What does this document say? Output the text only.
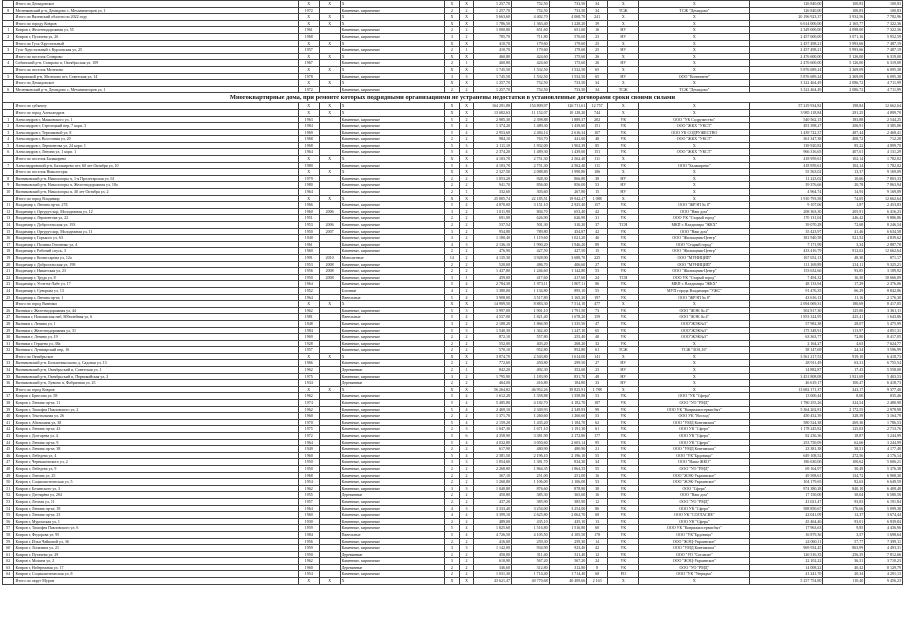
	Итого по Демидовское	X	X	X	X	X	1 257,70	752,50	733,50	34	X	X	126 840,00	100,83	100,83
8	Меленковский р-н, Демидово с, Механизаторов ул, 1	1972		Каменные, кирпичные	2	2	1 257,70	752,50	733,50	34	ТСЖ	ТСЖ "Демидово"	126 840,00	100,83	100,83
	Итого по Вяземский области по 2022 году	X	X	X	X	X	5 663,60	4 402,70	4 068,70	241	X	X	20 196 923,37	3 932,56	7 782,96
	Итого по городу Ковров	X	X	X	X	X	1 786,50	1 363,40	1 228,20	39	X	X	6 614 000,00	2 165,77	7 322,36
1	Ковров г, Железнодорожная ул, 55	1961		Каменные, кирпичные	2	2	1 000,80	651,60	651,60	16	НУ	X	2 349 000,00	4 098,00	7 322,36
2	Ковров г, Пугачева ул, 26	1968		Каменные, кирпичные	3	2	785,70	711,80	576,60	23	НУ	X	2 457 600,00	3 071,16	5 952,59
	Итого по Гусь-Хрустальный	X	X	X	X	X	410,70	179,60	179,60	25	X	X	2 457 498,21	5 993,66	7 487,19
3	Гусь-Хрустальный г, Курловская ул, 25	1957		Каменные, кирпичные	2	1	410,70	179,60	179,60	25	НУ	X	2 457 498,21	5 993,66	7 487,19
	Итого по поселок Ставрово	X	X	X	X	X	460,80	424,60	175,60	26	X	X	2 476 600,00	5 126,00	6 319,00
4	Собинский р-н, Ставрово п, Октябрьская ул, 109	1967		Каменные, кирпичные	2	1	460,80	424,60	175,60	26	НУ	X	2 476 600,00	5 126,00	6 319,00
	Итого по поселок Мелехово	X	X	X	X	X	1 745,50	1 532,50	1 532,50	65	X	X	5 876 689,24	2 369,09	6 095,38
5	Ковровский р-н, Мелехово пгт, Советская ул, 14	1978		Каменные, кирпичные	3	3	1 745,50	1 532,50	1 532,50	65	НУ	ООО "Континент"	5 876 689,24	2 369,09	6 095,38
	Итого по Демидовское	X	X	X	X	X	1 257,70	752,50	733,50	34	X	X	3 322 464,49	2 086,72	4 711,99
6	Меленковский р-н, Демидово с, Механизаторов ул, 1	1972		Каменные, кирпичные	2	2	1 257,70	752,50	733,50	34	ТСЖ	ТСЖ "Демидово"	3 322 464,49	2 086,72	4 711,99
Многоквартирные дома, при ремонте которых подрядными организациями не устранены недостатки в установленные договорами сроки своими силами															
	Итого по субъекту	X	X	X	X	X	164 291,88	154 809,97	126 711,61	12 757	X	X	57 219 934,82	198,84	12 662,64
	Итого по город Александров	X	X	X	X	X	13 682,63	11 152,07	10 128,20	744	X	X	3 985 118,84	291,25	4 899,70
1	Александров г, Маяковского ул, 1	1963		Каменные, кирпичные	5	2	2 985,30	2 398,88	1 889,37	202	УК	ООО "УК Содружество"	540 562,15	183,88	2 544,25
2	Александров г, Стрелецкий пер, 7 корп. 3	1984		Каменные, кирпичные	5	4	1 374,20	1 489,30	1 439,60	151	УК	ООО "ЖКХ "УКСТ"	491 398,27	206,91	3 385,86
3	Александров г, Терешковой ул, 8	1969		Каменные, кирпичные	5	4	2 953,60	2 484,14	2 616,34	107	УК	ООО УК СОДРУЖЕСТВО	1 439 722,37	487,44	2 468,41
4	Александров г, Восстания ул, 20	1968		Каменные, кирпичные	2	2	984,10	763,70	441,60	48	УК	ООО "ЖКХ "УКСТ"	361 347,38	408,72	712,28
5	Александров г, Лермонтова ул, 24 корп. 1	1968		Каменные, кирпичные	5	3	2 111,10	1 932,00	1 902,39	85	УК	X	139 920,82	85,22	4 899,70
6	Александров г, Ленина ул, 1 корп. 1	1964		Каменные, кирпичные	5	4	2 374,20	1 489,30	1 439,60	151	УК	ООО "ЖКХ "УКСТ"	966 316,65	407,01	4 131,29
	Итого по поселок Балакирево	X	X	X	X	X	4 103,70	2 751,30	2 562,40	111	X	X	418 959,61	102,14	1 782,02
7	Александровский р-н, Балакирево пгт, 60 лет Октября ул, 10	1980		Каменные, кирпичные	5	4	4 103,70	2 751,30	2 562,40	111	УК	ООО "Балакирево"	418 959,61	102,14	1 782,02
	Итого по поселок Никологоры	X	X	X	X	X	2 327,50	2 088,80	1 990,80	106	X	X	55 563,02	13,37	9 169,09
8	Вязниковский р-н, Никологоры п, 1-я Пролетарская ул, 61	1979		Каменные, кирпичные	2	2	1 053,20	928,30	866,80	38	НУ	X	11 223,02	10,66	7 803,33
9	Вязниковский р-н, Никологоры п, Железнодорожная ул, 18а	1980		Каменные, кирпичные	2	2	941,70	856,00	856,00	53	НУ	X	39 376,66	20,78	7 863,94
10	Вязниковский р-н, Никологоры п, 40 лет Октября ул, 2	1964		Каменные, кирпичные	2	1	332,60	303,60	267,80	15	НУ	X	4 964,74	14,93	9 169,09
	Итого по город Владимир	X	X	X	X	X	25 805,74	22 185,51	19 942,47	1 088	X	X	1 910 793,58	74,05	12 662,64
11	Владимир г, Ленина пр-кт, 27Б	1966		Каменные, кирпичные	5	4	4 870,00	3 151,10	2 925,40	157	УК	ООО "ЖРЭП № 8"	9 107,06	1,87	2 453,83
12	Владимир г, Ортуруч кор, Молодежная ул, 12	1960	2006	Каменные, кирпичные	3	2	1 011,90	804,70	653,40	42	УК	ООО "Наш дом"	208 363,30	205,91	6 416,23
13	Владимир г, Лермонтова ул, 22	1951		Каменные, кирпичные	2	2	691,00	626,90	626,90	31	УК	ООО УК "Старый город"	170 131,04	246,42	9 886,86
14	Владимир г, Добросельская ул, 193	1953	2006	Каменные, кирпичные	2	2	537,54	501,30	310,20	37	ТСН	МКП г. Владимира "ЖКХ"	39 070,28	72,68	8 246,54
15	Владимир г, Ортуруч кор, Молодежная ул, 11	1950	2007	Каменные, кирпичные	3	2	954,80	789,80	454,87	42	УК	ООО "Наш дом"	35 423,97	41,46	6 634,58
16	Владимир г, Горького ул, 63	1940		Каменные, кирпичные	3	2	1 180,40	1 119,60	1 021,20	46	УК	ООО "Жилищник-Центр"	381 940,58	521,52	4 839,62
17	Владимир г, Полины Осипенко ул, 4	1961		Каменные, кирпичные	4	3	2 136,10	1 990,20	1 946,20	89	УК	ООО "Старый город"	7 171,99	3,34	2 887,70
18	Владимир г, Рабочий спуск, 3	1960		Каменные, кирпичные	2	2	476,90	427,50	427,50	15	УК	ООО "Жилищник-Центр"	433 416,79	912,63	12 662,64
19	Владимир г, Комиссарова ул, 12а	1991	2010	Монолитные	14	2	4 135,30	3 928,90	3 688,70	225	УК	ООО "МУНИЦИП"	167 652,13	48,30	871,17
20	Владимир г, Добросельская ул, 198	1953	2008	Каменные, кирпичные	2	2	520,00	486,70	406,60	27	УК	ООО "МУНИЦИП"	111 169,89	214,11	9 325,21
21	Владимир г, Никитская ул, 23	1956	2008	Каменные, кирпичные	2	2	1 437,80	1 246,60	1 142,80	53	УК	ООО "Жилищник-Центр"	153 632,66	93,85	3 189,92
22	Владимир г, Труда ул, 8	1950	2008	Каменные, кирпичные	3	1	459,00	417,60	417,60	24	ТСН	ООО УК "Старый город"	7 494,32	16,30	10 666,09
23	Владимир г, Усти-на-Лабе ул, 17	1964		Каменные, кирпичные	5	4	2 784,30	1 973,11	1 807,11	86	УК	МКП г. Владимира "ЖКХ"	48 133,94	17,29	2 376,06
24	Владимир г, Суворова ул, 13	1952		Блочные	4	2	1 380,00	1 134,80	895,10	55	УК	МУП города Владимира "УЖС"	91 476,35	66,29	8 842,86
25	Владимир г, Ленина пр-кт, 1	1964		Панельные	5	4	3 908,00	3 517,80	3 165,20	197	УК	ООО "ЖРЭП № 8"	43 616,13	11,16	2 176,30
	Итого по город Вязники	X	X	X	X	X	14 909,50	8 883,30	7 514,10	477	X	X	2 694 069,31	180,69	8 417,05
26	Вязники г, Железнодорожная ул, 44	1962		Каменные, кирпичные	5	3	3 997,00	1 901,10	1 791,50	73	УК	ООО "ЖЭК № 4"	502 817,30	125,80	3 361,11
27	Вязники г, Новоямская наб, Юбилейная ул, 6	1981		Панельные	5	4	4 537,00	1 821,40	1 678,20	159	УК	ООО "ЖЭК № 4"	1 853 324,95	425,41	1 643,86
28	Вязники г, Ленина ул, 1	1948		Каменные, кирпичные	3	2	2 108,20	1 866,90	1 335,50	47	УК	ООО"ЖЭК№3"	57 982,38	28,07	5 475,99
29	Вязники г, Железнодорожная ул, 31	1984		Каменные, кирпичные	5	3	1 540,30	1 362,40	1 247,10	65	УК	ООО"ЖЭК№3"	175 348,91	113,97	4 851,31
30	Вязники г, Ленина ул, 19	1969		Каменные, кирпичные	2	2	872,10	557,80	255,40	40	УК	ООО"ЖЭК№3"	63 363,77	72,80	8 417,05
31	Вязники г, Герцена ул, 38а	1928		Каменные, кирпичные	2	2	552,00	403,20	268,20	32	УК	X	2 164,27	4,63	7 624,77
32	Вязники г, Луначарский пер, 16	1957		Каменные, кирпичные	2	2	570,10	952,80	952,80	61	ТСЖ	ТСЖ "ЗОА,16"	38 147,69	24,34	3 596,99
	Итого по Октябрьское	X	X	X	X	X	3 874,70	2 543,80	1 614,00	141	X	X	3 561 217,53	919,10	6 418,73
33	Вязниковский р-н, Большевысоково д, Садовая ул, 13	1966		Каменные, кирпичные	2	2	772,60	450,80	299,50	27	НУ	X	48 911,49	63,31	6 755,54
34	Вязниковский р-н, Октябрьский п, Советская ул, 1	1962		Деревянные	2	1	842,20	492,30	352,60	23	НУ	X	14 882,87	17,43	5 558,00
35	Вязниковский р-н, Октябрьский п, Первомайская ул, 2	1975		Каменные, кирпичные	3	2	1 795,90	1 183,90	831,70	48	НУ	X	3 451 808,08	1 921,69	5 403,53
36	Вязниковский р-н, Лувино п, Фабричная ул, 25	1934		Деревянные	2	2	464,00	416,80	184,80	33	НУ	X	46 619,17	100,47	6 418,73
	Итого по город Ковров	X	X	X	X	X	56 264,82	46 952,26	39 825,91	1 788	X	X	13 682 171,37	243,17	9 377,40
37	Ковров г, Брюсова ул, 58	1962		Каменные, кирпичные	5	4	1 612,20	1 358,88	1 358,88	53	УК	ООО "УК "Сфера"	13 600,44	8,06	835,46
38	Ковров г, Ленина пр-кт, 11	1974		Каменные, кирпичные	5	4	5 485,80	4 182,70	4 182,70	187	УК	ООО "УО "РМД"	1 780 255,26	324,54	2 480,90
39	Ковров г, Тимофея Павловского ул, 2	1962		Каменные, кирпичные	5	4	2 469,10	2 349,93	2 349,93	99	УК	ООО УК "Коврижилсервисбыт"	5 364 202,81	2 172,55	2 978,98
40	Ковров г, Текстильная ул, 26	1960		Каменные, кирпичные	2	2	1 371,70	1 260,60	1 260,60	53	УК	ООО УК "Восход"	450 452,39	328,39	3 164,79
41	Ковров г, Абельмана ул, 38	1970		Каменные, кирпичные	5	4	2 159,20	1 435,20	1 184,70	62	УК	ООО "УМД Ковтимхим"	580 524,38	269,36	1 786,53
42	Ковров г, Ленина пр-кт, 43	1975		Каменные, кирпичные	2	3	1 047,30	1 671,10	1 191,30	61	УК	ООО УК "Сфера"	1 178 245,82	125,03	2 713,76
43	Ковров г, Доггарева ул, 4	1972		Каменные, кирпичные	5	6	4 358,90	3 381,90	2 172,80	177	УК	ООО УК "Сфера"	82 236,36	18,87	3 244,99
44	Ковров г, Ленина пр-кт, 9	1964		Каменные, кирпичные	5	4	4 032,80	3 050,60	2 603,14	95	УК	ООО УК "Сфера"	253 750,09	62,66	3 244,99
45	Ковров г, Ленина пр-кт, 38	1949		Каменные, кирпичные	2	2	617,90	480,90	480,90	21	УК	ООО "УМД Ковтимхим"	23 381,38	38,51	4 177,40
46	Ковров г, Лебедева ул, 4	1960		Каменные, кирпичные	5	4	2 381,50	2 196,10	2 196,10	55	УК	ООО "УК"Брдовица"	649 108,52	272,56	4 176,14
47	Ковров г, Чернышевского ул, 2	1950		Каменные, кирпичные	3	3	1 854,60	1 381,70	834,30	34	УК	ООО "Наше ЖКО"	186 630,00	100,62	5 606,21
48	Ковров г, Лебедева ул, 9	1950		Каменные, кирпичные	2	2	2 268,80	1 864,35	1 864,35	55	УК	ООО "УО "РМД"	69 164,97	30,49	5 376,38
49	Ковров г, Литина ул, 25	1968		Каменные, кирпичные	2	2	367,10	251,00	251,00	16	УК	ООО "ЖЭК-Украинское"	49 508,61	134,72	6 908,30
50	Ковров г, Социалистическая ул, 5	1954		Каменные, кирпичные	2	2	1 260,80	1 106,00	1 106,00	53	УК	ООО "ЖЭК-Украинское"	104 179,65	82,63	6 649,59
51	Ковров г, Белинского ул, 3	1962		Каменные, кирпичные	3	3	1 040,80	876,60	878,80	38	УК	ООО "Сфера"	874 380,28	840,10	6 408,48
52	Ковров г, Дегтярёва ул, 204	1955		Деревянные	2	2	450,80	385,30	365,60	16	УК	ООО "Наш дом"	17 150,00	38,04	6 580,56
53	Ковров г, Лесная ул, 11	1957		Каменные, кирпичные	2	2	437,20	385,90	385,90	12	УК	ООО "УО "РМД"	41 021,47	93,83	6 191,84
54	Ковров г, Ленина пр-кт, 18	1964		Каменные, кирпичные	4	3	3 333,40	3 254,00	3 254,00	86	УК	ООО УК "Сфера"	588 850,67	176,66	5 099,38
55	Ковров г, Ленина пр-кт, 23	1960		Каменные, кирпичные	4	4	3 399,10	2 625,80	2 062,70	68	УК	ООО УК "СОГЛАСИЕ"	42 041,09	12,37	3 674,44
56	Ковров г, Муромская ул, 1	1930		Каменные, кирпичные	2	2	489,00	435,10	435,10	13	УК	ООО УК "Сфера"	45 464,46	93,01	6 839,84
57	Ковров г, Тимофея Павловского ул, 6	1959		Каменные, кирпичные	5	4	1 825,60	1 516,80	1 516,80	60	УК	ООО УК "Коврижилсервисбыт"	17 963,63	9,85	4 436,96
58	Ковров г, Федорова ул, 95	1984		Панельные	5	4	4 726,50	4 105,50	4 105,50	178	УК	ООО "УК"Брдовица"	16 879,36	3,57	1 698,64
59	Ковров г, Ильи Чайковой ул, 36	1956		Каменные, кирпичные	2	2	416,00	259,30	259,30	14	УК	ООО "ЖЭЦ-Украинское"	24 060,11	57,77	7 399,11
60	Ковров г, Лопатина ул, 21	1959		Каменные, кирпичные	3	3	1 142,00	934,90	923,40	42	УК	ООО "УМД Ковтимхим"	969 934,45	863,99	4 493,31
61	Ковров г, Пугачева ул, 29	1950		Деревянные	2	2	450,00	311,40	311,40	12	УК	ООО "УО "Согласие"	126 516,35	256,35	7 812,66
62	Ковров г, Мохина ул, 2	1962		Каменные, кирпичные	3	2	610,90	567,20	567,20	24	УК	ООО "ЖЭЦ-Украинское"	22 102,22	36,31	3 710,23
63	Ковров г, Набережная ул, 17	1960		Деревянные	2	2	346,60	312,80	312,80	8	УК	ООО "УО "РМД"	14 008,22	40,42	8 129,79
64	Ковров г, Социалистическая ул, 8	1954		Каменные, кирпичные	2	2	1 031,30	1 714,40	1 714,40	68	РО	ООО "УК "Уюрядка"	41 241,70	20,34	4 291,13
	Итого по округ Муром	X	X	X	X	X	43 621,47	40 770,68	40 409,66	2 163	X	X	5 257 754,80	110,40	9 456,23
